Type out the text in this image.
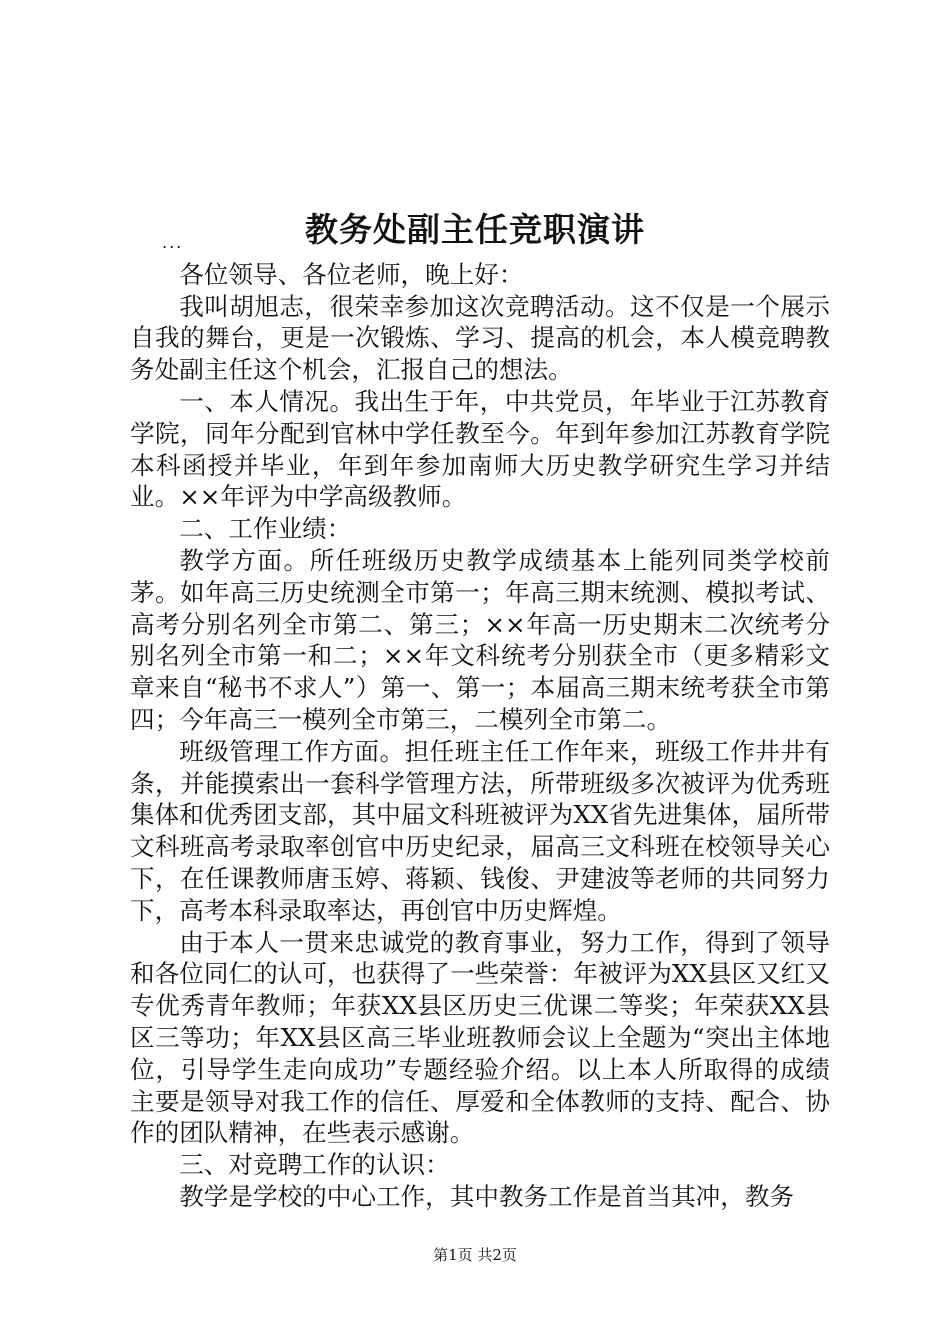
教务处副主任竞职演讲

...

各位领导、各位老师，晚上好：

我叫胡旭志，很荣幸参加这次竞聘活动。这不仅是一个展示自我的舞台，更是一次锻炼、学习、提高的机会，本人模竞聘教务处副主任这个机会，汇报自己的想法。

一、本人情况。我出生于年，中共党员，年毕业于江苏教育学院，同年分配到官林中学任教至今。年到年参加江苏教育学院本科函授并毕业，年到年参加南师大历史教学研究生学习并结业。××年评为中学高级教师。

二、工作业绩：

教学方面。所任班级历史教学成绩基本上能列同类学校前茅。如年高三历史统测全市第一；年高三期末统测、模拟考试、高考分别名列全市第二、第三；××年高一历史期末二次统考分别名列全市第一和二；××年文科统考分别获全市（更多精彩文章来自“秘书不求人”）第一、第一；本届高三期末统考获全市第四；今年高三一模列全市第三，二模列全市第二。

班级管理工作方面。担任班主任工作年来，班级工作井井有条，并能摸索出一套科学管理方法，所带班级多次被评为优秀班集体和优秀团支部，其中届文科班被评为XX省先进集体，届所带文科班高考录取率创官中历史纪录，届高三文科班在校领导关心下，在任课教师唐玉婷、蒋颖、钱俊、尹建波等老师的共同努力下，高考本科录取率达，再创官中历史辉煌。

由于本人一贯来忠诚党的教育事业，努力工作，得到了领导和各位同仁的认可，也获得了一些荣誉：年被评为XX县区又红又专优秀青年教师；年获XX县区历史三优课二等奖；年荣获XX县区三等功；年XX县区高三毕业班教师会议上全题为“突出主体地位，引导学生走向成功”专题经验介绍。以上本人所取得的成绩主要是领导对我工作的信任、厚爱和全体教师的支持、配合、协作的团队精神，在些表示感谢。

三、对竞聘工作的认识：

教学是学校的中心工作，其中教务工作是首当其冲，教务

第1页 共2页
